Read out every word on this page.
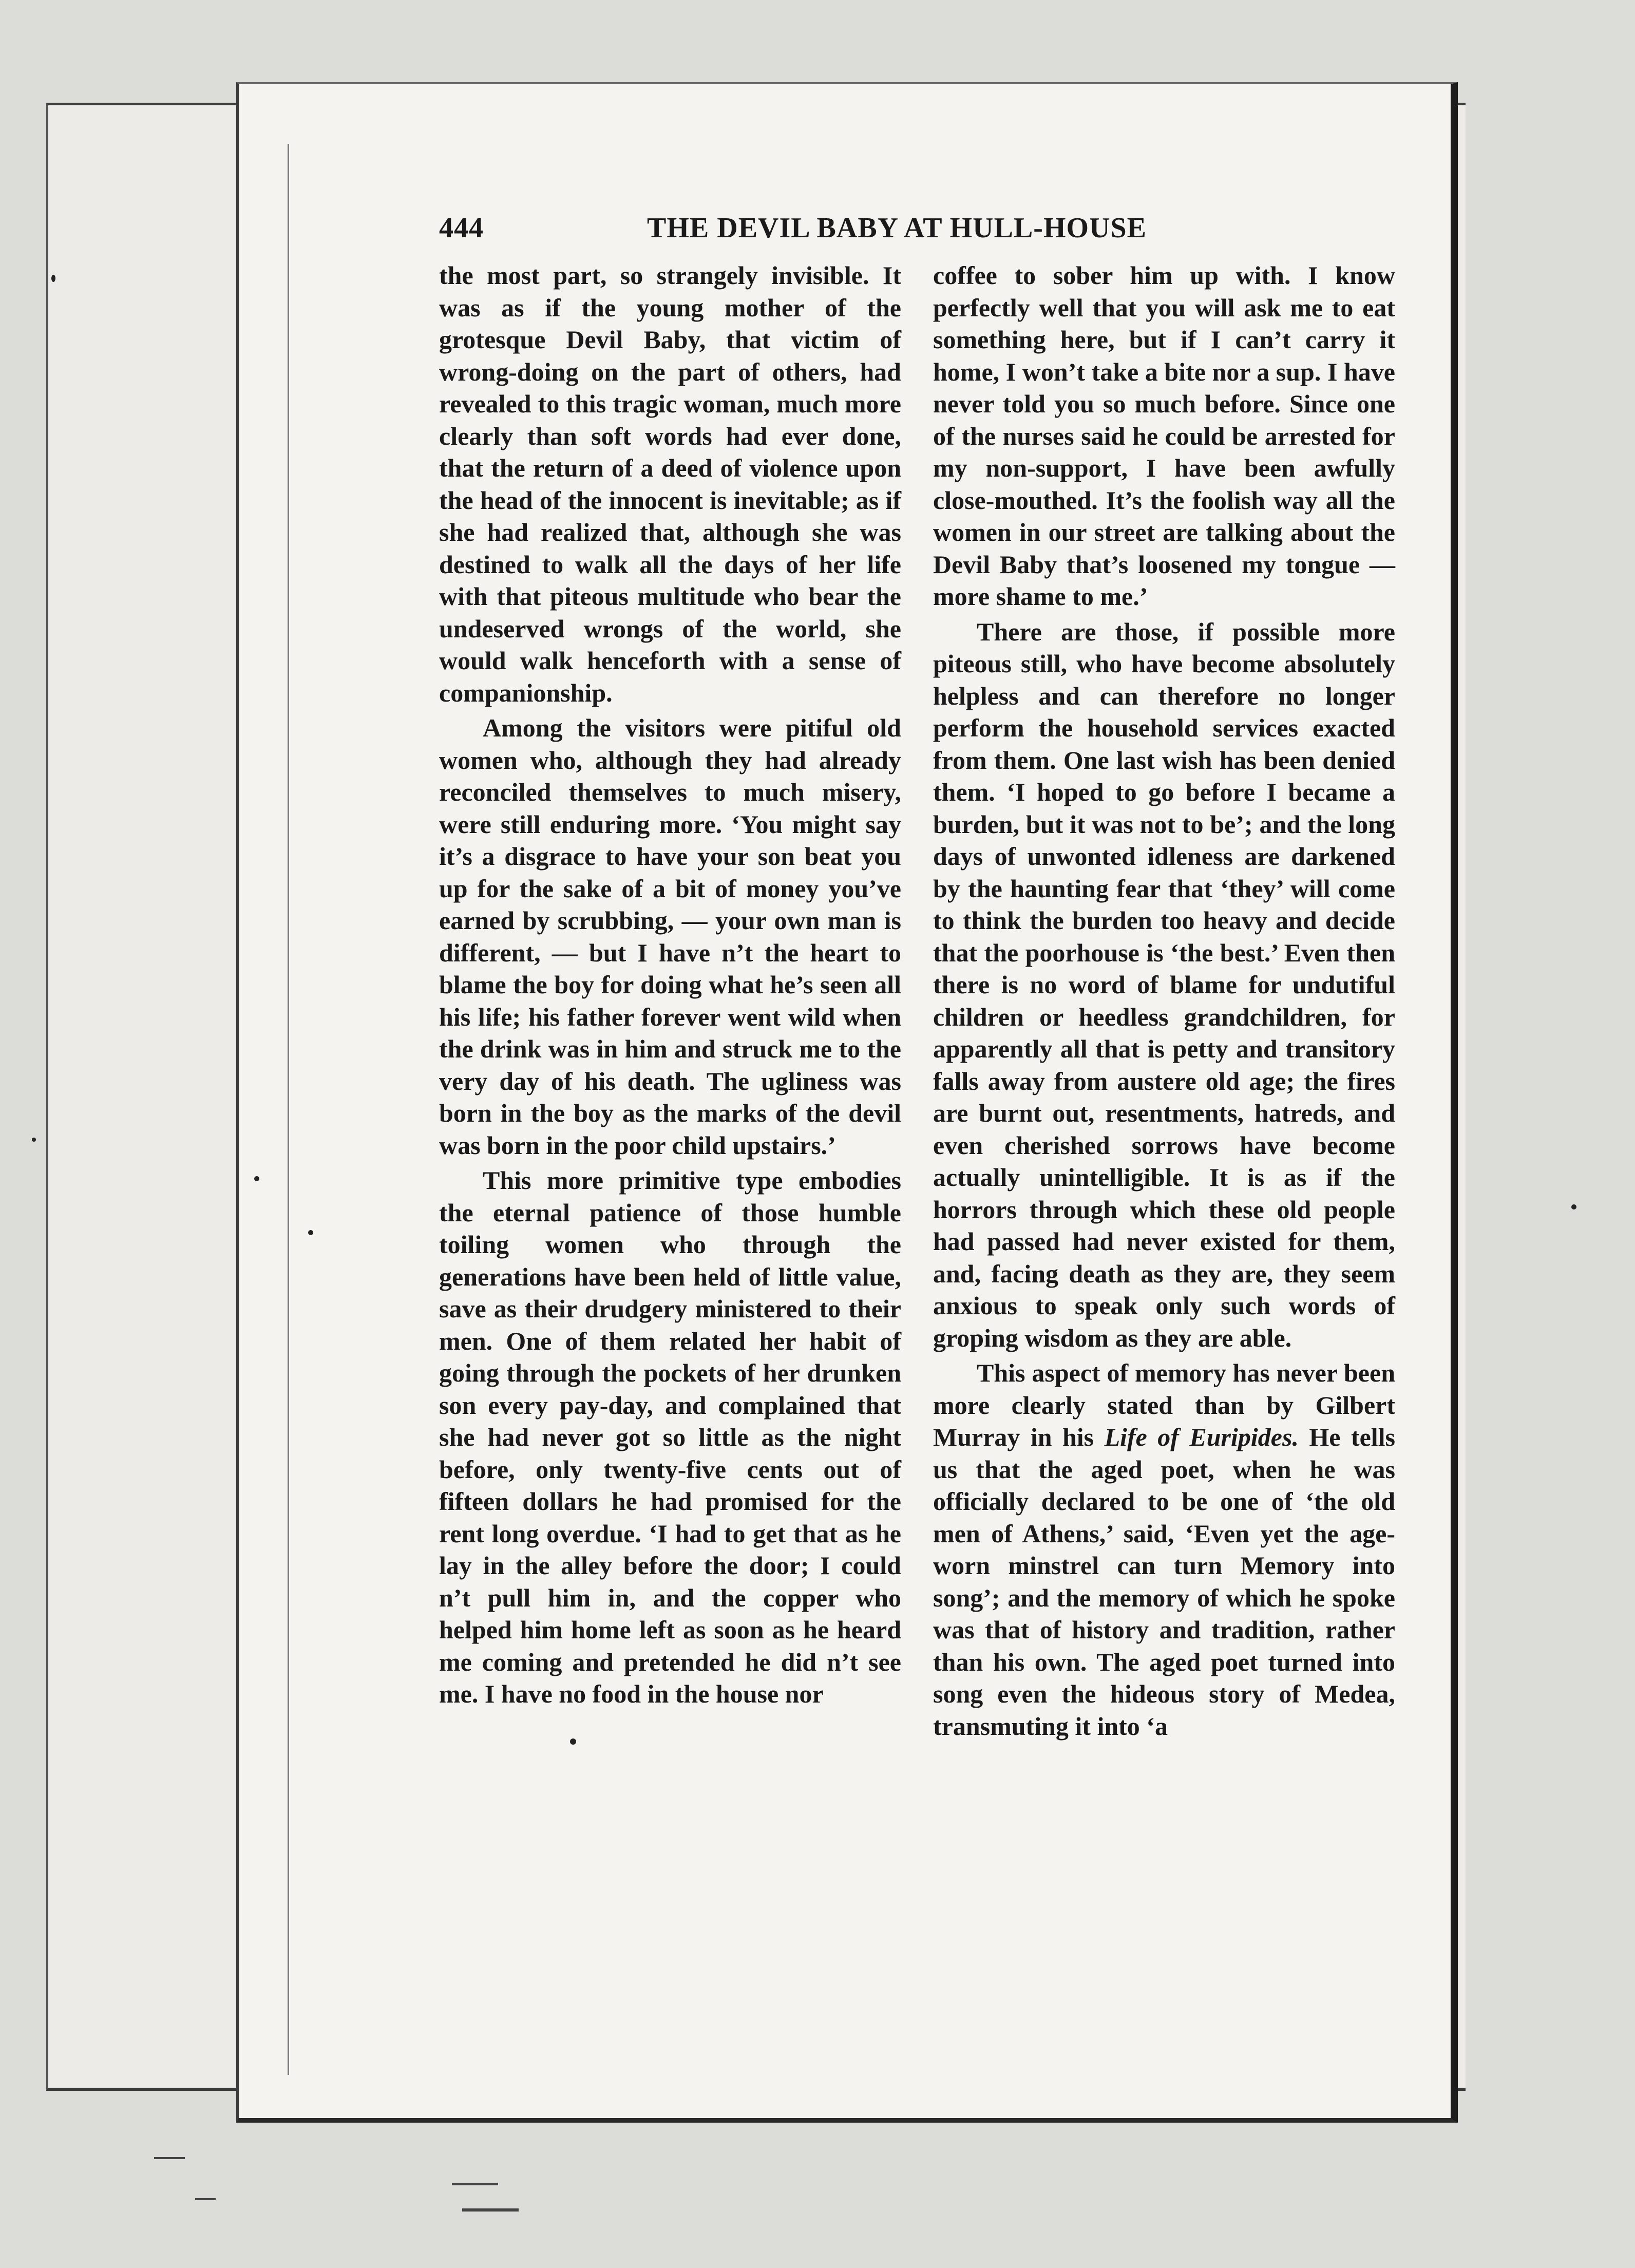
444	THE DEVIL BABY AT HULL-HOUSE

the most part, so strangely invisible. It was as if the young mother of the grotesque Devil Baby, that victim of wrong-doing on the part of others, had revealed to this tragic woman, much more clearly than soft words had ever done, that the return of a deed of violence upon the head of the innocent is inevitable; as if she had realized that, although she was destined to walk all the days of her life with that piteous multitude who bear the undeserved wrongs of the world, she would walk henceforth with a sense of companionship.

Among the visitors were pitiful old women who, although they had already reconciled themselves to much misery, were still enduring more. ‘You might say it’s a disgrace to have your son beat you up for the sake of a bit of money you’ve earned by scrubbing, — your own man is different, — but I have n’t the heart to blame the boy for doing what he’s seen all his life; his father forever went wild when the drink was in him and struck me to the very day of his death. The ugliness was born in the boy as the marks of the devil was born in the poor child upstairs.’

This more primitive type embodies the eternal patience of those humble toiling women who through the generations have been held of little value, save as their drudgery ministered to their men. One of them related her habit of going through the pockets of her drunken son every pay-day, and complained that she had never got so little as the night before, only twenty-five cents out of fifteen dollars he had promised for the rent long overdue. ‘I had to get that as he lay in the alley before the door; I could n’t pull him in, and the copper who helped him home left as soon as he heard me coming and pretended he did n’t see me. I have no food in the house nor

coffee to sober him up with. I know perfectly well that you will ask me to eat something here, but if I can’t carry it home, I won’t take a bite nor a sup. I have never told you so much before. Since one of the nurses said he could be arrested for my non-support, I have been awfully close-mouthed. It’s the foolish way all the women in our street are talking about the Devil Baby that’s loosened my tongue — more shame to me.’

There are those, if possible more piteous still, who have become absolutely helpless and can therefore no longer perform the household services exacted from them. One last wish has been denied them. ‘I hoped to go before I became a burden, but it was not to be’; and the long days of unwonted idleness are darkened by the haunting fear that ‘they’ will come to think the burden too heavy and decide that the poorhouse is ‘the best.’ Even then there is no word of blame for undutiful children or heedless grandchildren, for apparently all that is petty and transitory falls away from austere old age; the fires are burnt out, resentments, hatreds, and even cherished sorrows have become actually unintelligible. It is as if the horrors through which these old people had passed had never existed for them, and, facing death as they are, they seem anxious to speak only such words of groping wisdom as they are able.

This aspect of memory has never been more clearly stated than by Gilbert Murray in his Life of Euripides. He tells us that the aged poet, when he was officially declared to be one of ‘the old men of Athens,’ said, ‘Even yet the age-worn minstrel can turn Memory into song’; and the memory of which he spoke was that of history and tradition, rather than his own. The aged poet turned into song even the hideous story of Medea, transmuting it into ‘a
